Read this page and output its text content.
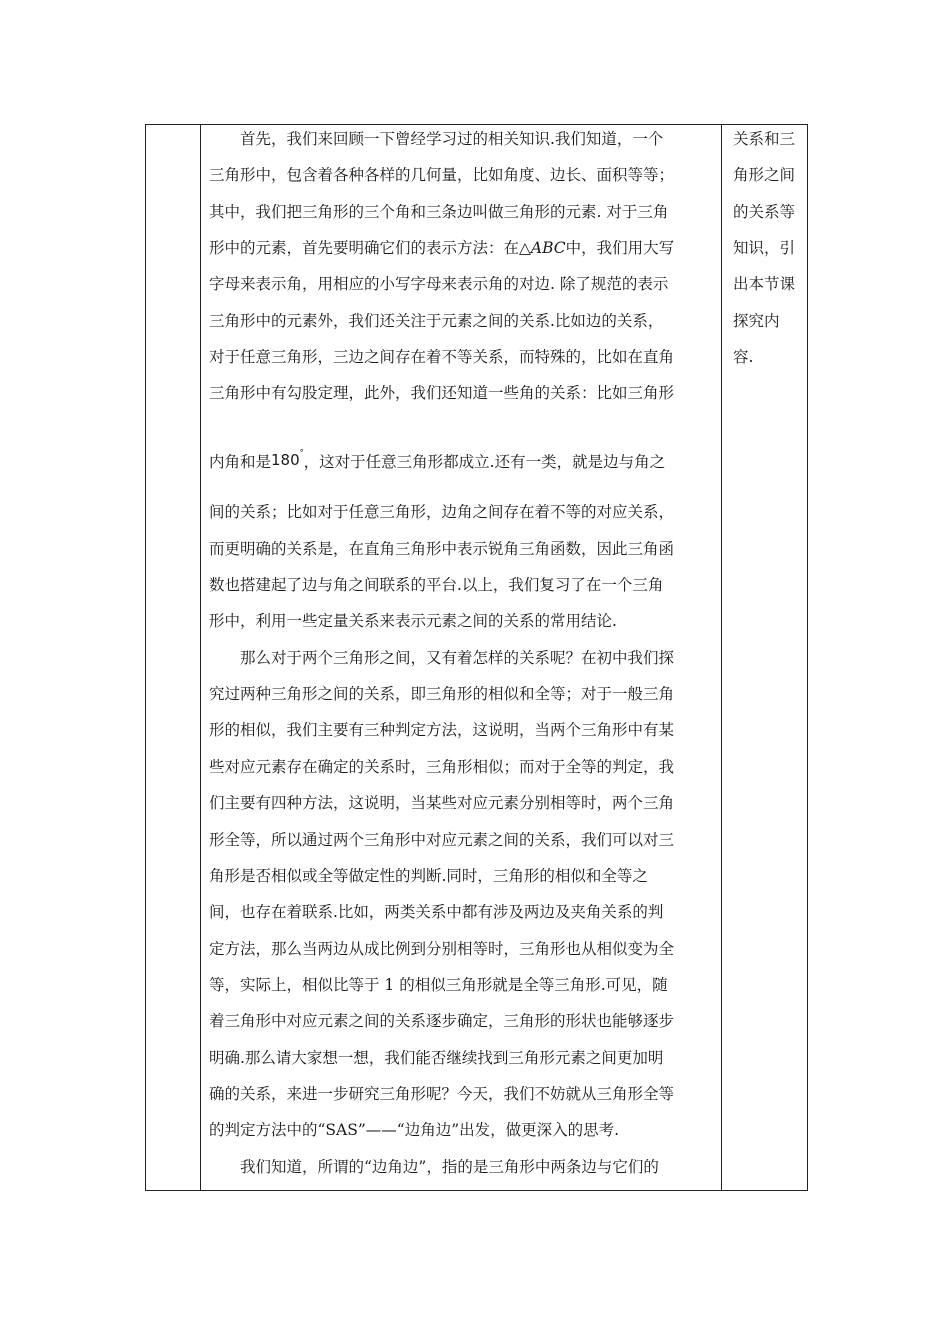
　　首先，我们来回顾一下曾经学习过的相关知识.我们知道，一个
三角形中，包含着各种各样的几何量，比如角度、边长、面积等等；
其中，我们把三角形的三个角和三条边叫做三角形的元素. 对于三角
形中的元素，首先要明确它们的表示方法：在△ABC中，我们用大写
字母来表示角，用相应的小写字母来表示角的对边. 除了规范的表示
三角形中的元素外，我们还关注于元素之间的关系.比如边的关系，
对于任意三角形，三边之间存在着不等关系，而特殊的，比如在直角
三角形中有勾股定理，此外，我们还知道一些角的关系：比如三角形
内角和是180°，这对于任意三角形都成立.还有一类，就是边与角之
间的关系；比如对于任意三角形，边角之间存在着不等的对应关系，
而更明确的关系是，在直角三角形中表示锐角三角函数，因此三角函
数也搭建起了边与角之间联系的平台.以上，我们复习了在一个三角
形中，利用一些定量关系来表示元素之间的关系的常用结论.
　　那么对于两个三角形之间，又有着怎样的关系呢？在初中我们探
究过两种三角形之间的关系，即三角形的相似和全等；对于一般三角
形的相似，我们主要有三种判定方法，这说明，当两个三角形中有某
些对应元素存在确定的关系时，三角形相似；而对于全等的判定，我
们主要有四种方法，这说明，当某些对应元素分别相等时，两个三角
形全等，所以通过两个三角形中对应元素之间的关系，我们可以对三
角形是否相似或全等做定性的判断.同时，三角形的相似和全等之
间，也存在着联系.比如，两类关系中都有涉及两边及夹角关系的判
定方法，那么当两边从成比例到分别相等时，三角形也从相似变为全
等，实际上，相似比等于 1 的相似三角形就是全等三角形.可见，随
着三角形中对应元素之间的关系逐步确定，三角形的形状也能够逐步
明确.那么请大家想一想，我们能否继续找到三角形元素之间更加明
确的关系，来进一步研究三角形呢？今天，我们不妨就从三角形全等
的判定方法中的“SAS”——“边角边”出发，做更深入的思考.
　　我们知道，所谓的“边角边”，指的是三角形中两条边与它们的
关系和三
角形之间
的关系等
知识，引
出本节课
探究内
容.
